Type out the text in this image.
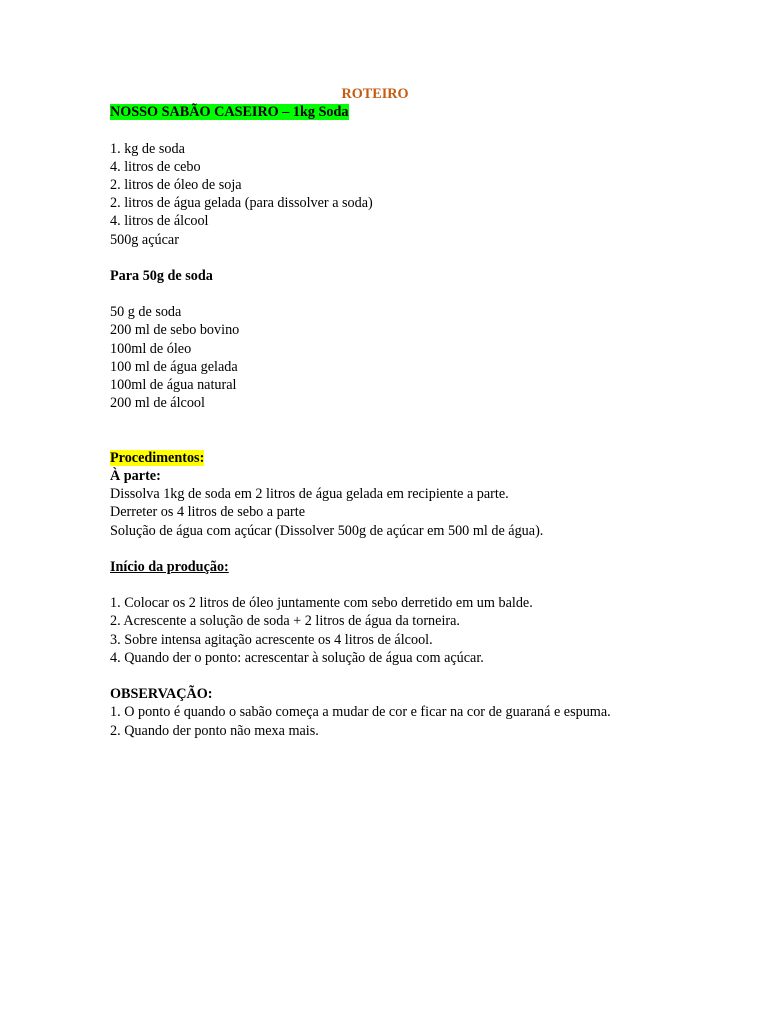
ROTEIRO
NOSSO SABÃO CASEIRO – 1kg Soda
1. kg de soda
4. litros de cebo
2. litros de óleo de soja
2. litros de água gelada (para dissolver a soda)
4. litros de álcool
500g açúcar
Para 50g de soda
50 g de soda
200 ml de sebo bovino
100ml de óleo
100 ml de água gelada
100ml de água natural
200 ml de álcool
Procedimentos:
À parte:
Dissolva 1kg de soda em 2 litros de água gelada em recipiente a parte.
Derreter os 4 litros de sebo a parte
Solução de água com açúcar (Dissolver 500g de açúcar em 500 ml de água).
Início da produção:
1. Colocar os 2 litros de óleo juntamente com sebo derretido em um balde.
2. Acrescente a solução de soda + 2 litros de água da torneira.
3. Sobre intensa agitação acrescente os 4 litros de álcool.
4. Quando der o ponto: acrescentar à solução de água com açúcar.
OBSERVAÇÃO:
1. O ponto é quando o sabão começa a mudar de cor e ficar na cor de guaraná e espuma.
2. Quando der ponto não mexa mais.
